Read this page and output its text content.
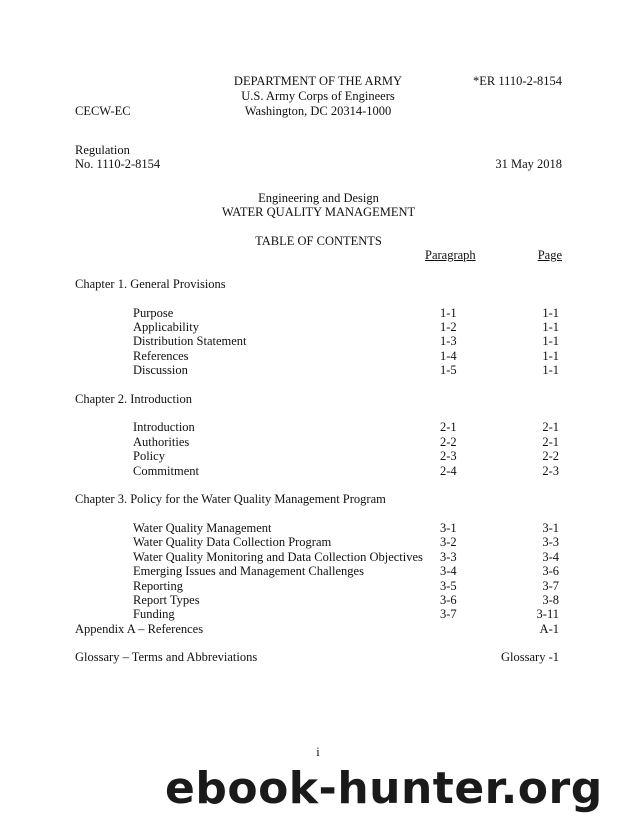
DEPARTMENT OF THE ARMY	*ER 1110-2-8154
U.S. Army Corps of Engineers
CECW-EC	Washington, DC 20314-1000
Regulation
No. 1110-2-8154	31 May 2018
Engineering and Design
WATER QUALITY MANAGEMENT
TABLE OF CONTENTS
Paragraph	Page
Chapter 1. General Provisions
Purpose	1-1	1-1
Applicability	1-2	1-1
Distribution Statement	1-3	1-1
References	1-4	1-1
Discussion	1-5	1-1
Chapter 2. Introduction
Introduction	2-1	2-1
Authorities	2-2	2-1
Policy	2-3	2-2
Commitment	2-4	2-3
Chapter 3. Policy for the Water Quality Management Program
Water Quality Management	3-1	3-1
Water Quality Data Collection Program	3-2	3-3
Water Quality Monitoring and Data Collection Objectives 3-3	3-4
Emerging Issues and Management Challenges	3-4	3-6
Reporting	3-5	3-7
Report Types	3-6	3-8
Funding	3-7	3-11
Appendix A – References	A-1
Glossary – Terms and Abbreviations	Glossary -1
i
ebook-hunter.org
